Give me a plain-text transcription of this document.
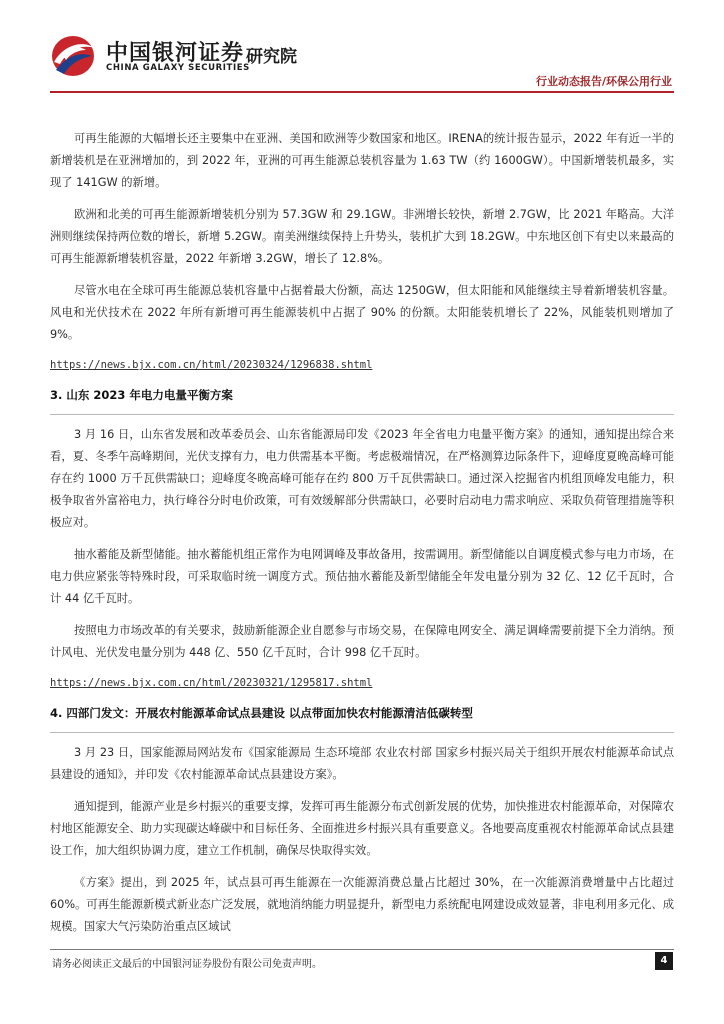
中国银河证券
CHINA GALAXY SECURITIES
研究院
行业动态报告/环保公用行业

可再生能源的大幅增长还主要集中在亚洲、美国和欧洲等少数国家和地区。IRENA的统计报告显示，2022 年有近一半的新增装机是在亚洲增加的，到 2022 年，亚洲的可再生能源总装机容量为 1.63 TW（约 1600GW）。中国新增装机最多，实现了 141GW 的新增。

欧洲和北美的可再生能源新增装机分别为 57.3GW 和 29.1GW。非洲增长较快，新增 2.7GW，比 2021 年略高。大洋洲则继续保持两位数的增长，新增 5.2GW。南美洲继续保持上升势头，装机扩大到 18.2GW。中东地区创下有史以来最高的可再生能源新增装机容量，2022 年新增 3.2GW，增长了 12.8%。

尽管水电在全球可再生能源总装机容量中占据着最大份额，高达 1250GW，但太阳能和风能继续主导着新增装机容量。风电和光伏技术在 2022 年所有新增可再生能源装机中占据了 90% 的份额。太阳能装机增长了 22%，风能装机则增加了 9%。

https://news.bjx.com.cn/html/20230324/1296838.shtml
3. 山东 2023 年电力电量平衡方案

3 月 16 日，山东省发展和改革委员会、山东省能源局印发《2023 年全省电力电量平衡方案》的通知，通知提出综合来看，夏、冬季午高峰期间，光伏支撑有力，电力供需基本平衡。考虑极端情况，在严格测算边际条件下，迎峰度夏晚高峰可能存在约 1000 万千瓦供需缺口；迎峰度冬晚高峰可能存在约 800 万千瓦供需缺口。通过深入挖掘省内机组顶峰发电能力，积极争取省外富裕电力，执行峰谷分时电价政策，可有效缓解部分供需缺口，必要时启动电力需求响应、采取负荷管理措施等积极应对。

抽水蓄能及新型储能。抽水蓄能机组正常作为电网调峰及事故备用，按需调用。新型储能以自调度模式参与电力市场，在电力供应紧张等特殊时段，可采取临时统一调度方式。预估抽水蓄能及新型储能全年发电量分别为 32 亿、12 亿千瓦时，合计 44 亿千瓦时。

按照电力市场改革的有关要求，鼓励新能源企业自愿参与市场交易，在保障电网安全、满足调峰需要前提下全力消纳。预计风电、光伏发电量分别为 448 亿、550 亿千瓦时，合计 998 亿千瓦时。

https://news.bjx.com.cn/html/20230321/1295817.shtml
4. 四部门发文：开展农村能源革命试点县建设 以点带面加快农村能源清洁低碳转型

3 月 23 日，国家能源局网站发布《国家能源局 生态环境部 农业农村部 国家乡村振兴局关于组织开展农村能源革命试点县建设的通知》，并印发《农村能源革命试点县建设方案》。

通知提到，能源产业是乡村振兴的重要支撑，发挥可再生能源分布式创新发展的优势，加快推进农村能源革命，对保障农村地区能源安全、助力实现碳达峰碳中和目标任务、全面推进乡村振兴具有重要意义。各地要高度重视农村能源革命试点县建设工作，加大组织协调力度，建立工作机制，确保尽快取得实效。

《方案》提出，到 2025 年，试点县可再生能源在一次能源消费总量占比超过 30%，在一次能源消费增量中占比超过 60%。可再生能源新模式新业态广泛发展，就地消纳能力明显提升，新型电力系统配电网建设成效显著，非电利用多元化、成规模。国家大气污染防治重点区域试

请务必阅读正文最后的中国银河证券股份有限公司免责声明。	4
